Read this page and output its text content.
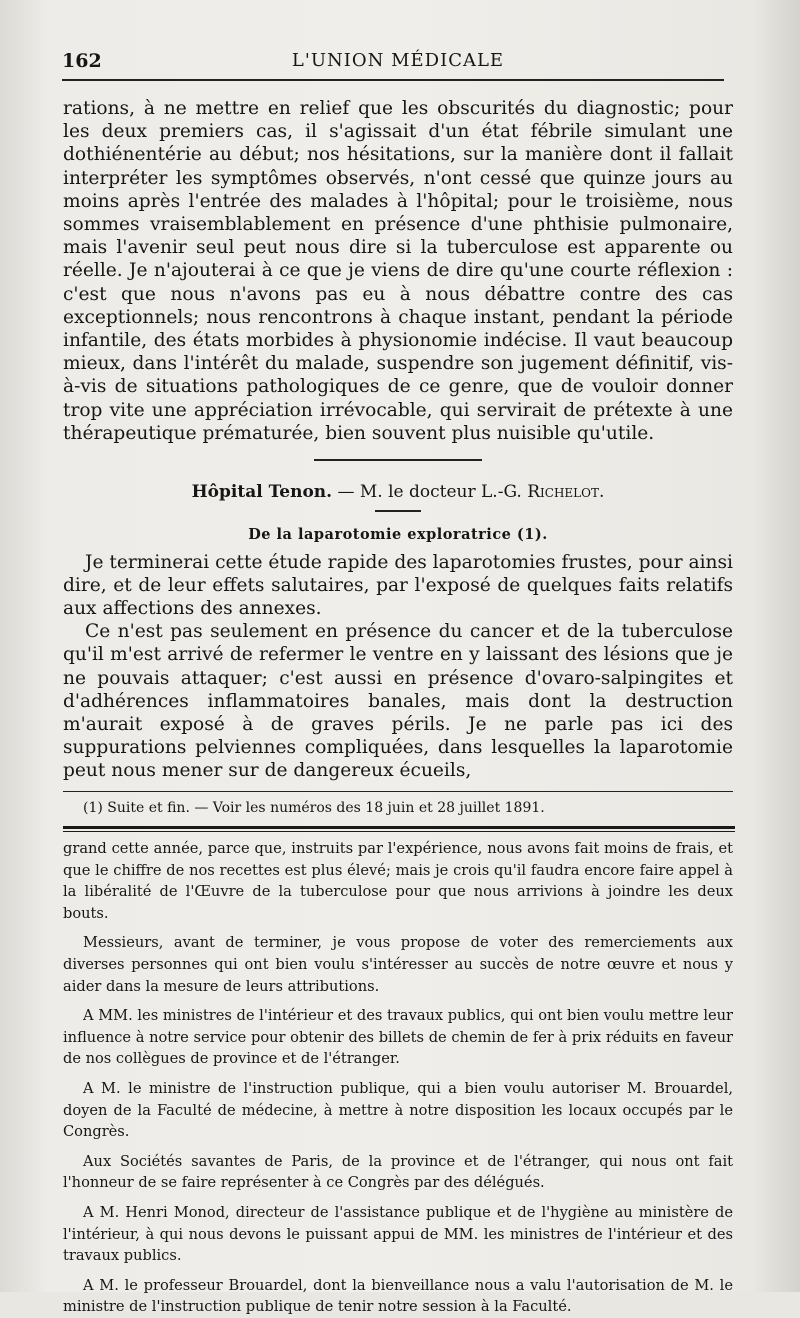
162	L'UNION MÉDICALE

rations, à ne mettre en relief que les obscurités du diagnostic; pour les deux premiers cas, il s'agissait d'un état fébrile simulant une dothiénentérie au début; nos hésitations, sur la manière dont il fallait interpréter les symptômes observés, n'ont cessé que quinze jours au moins après l'entrée des malades à l'hôpital; pour le troisième, nous sommes vraisemblablement en présence d'une phthisie pulmonaire, mais l'avenir seul peut nous dire si la tuberculose est apparente ou réelle. Je n'ajouterai à ce que je viens de dire qu'une courte réflexion : c'est que nous n'avons pas eu à nous débattre contre des cas exceptionnels; nous rencontrons à chaque instant, pendant la période infantile, des états morbides à physionomie indécise. Il vaut beaucoup mieux, dans l'intérêt du malade, suspendre son jugement définitif, vis-à-vis de situations pathologiques de ce genre, que de vouloir donner trop vite une appréciation irrévocable, qui servirait de prétexte à une thérapeutique prématurée, bien souvent plus nuisible qu'utile.

Hôpital Tenon. — M. le docteur L.-G. Richelot.
De la laparotomie exploratrice (1).

Je terminerai cette étude rapide des laparotomies frustes, pour ainsi dire, et de leur effets salutaires, par l'exposé de quelques faits relatifs aux affections des annexes.

Ce n'est pas seulement en présence du cancer et de la tuberculose qu'il m'est arrivé de refermer le ventre en y laissant des lésions que je ne pouvais attaquer; c'est aussi en présence d'ovaro-salpingites et d'adhérences inflammatoires banales, mais dont la destruction m'aurait exposé à de graves périls. Je ne parle pas ici des suppurations pelviennes compliquées, dans lesquelles la laparotomie peut nous mener sur de dangereux écueils,

(1) Suite et fin. — Voir les numéros des 18 juin et 28 juillet 1891.

grand cette année, parce que, instruits par l'expérience, nous avons fait moins de frais, et que le chiffre de nos recettes est plus élevé; mais je crois qu'il faudra encore faire appel à la libéralité de l'Œuvre de la tuberculose pour que nous arrivions à joindre les deux bouts.

Messieurs, avant de terminer, je vous propose de voter des remerciements aux diverses personnes qui ont bien voulu s'intéresser au succès de notre œuvre et nous y aider dans la mesure de leurs attributions.

A MM. les ministres de l'intérieur et des travaux publics, qui ont bien voulu mettre leur influence à notre service pour obtenir des billets de chemin de fer à prix réduits en faveur de nos collègues de province et de l'étranger.

A M. le ministre de l'instruction publique, qui a bien voulu autoriser M. Brouardel, doyen de la Faculté de médecine, à mettre à notre disposition les locaux occupés par le Congrès.

Aux Sociétés savantes de Paris, de la province et de l'étranger, qui nous ont fait l'honneur de se faire représenter à ce Congrès par des délégués.

A M. Henri Monod, directeur de l'assistance publique et de l'hygiène au ministère de l'intérieur, à qui nous devons le puissant appui de MM. les ministres de l'intérieur et des travaux publics.

A M. le professeur Brouardel, dont la bienveillance nous a valu l'autorisation de M. le ministre de l'instruction publique de tenir notre session à la Faculté.
